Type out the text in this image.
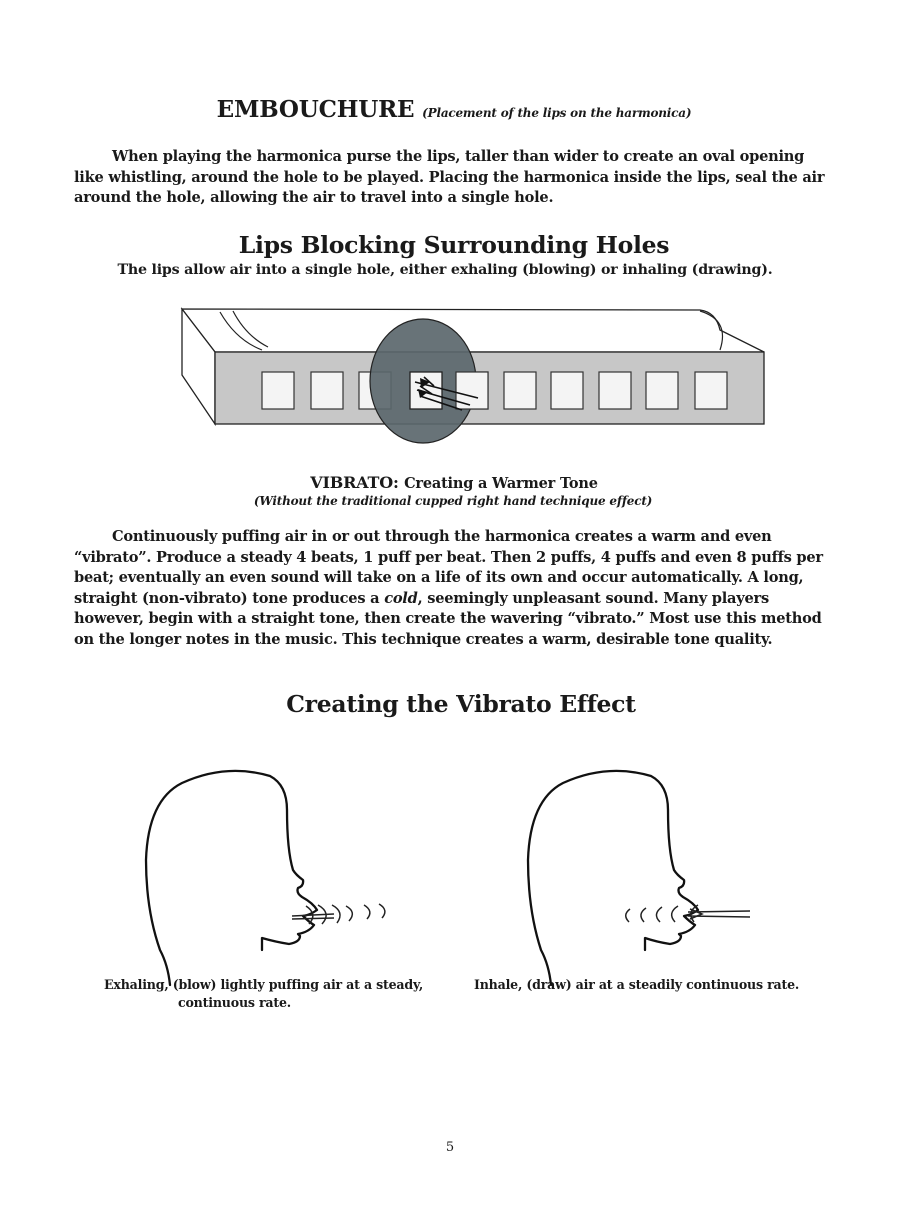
EMBOUCHURE (Placement of the lips on the harmonica)
When playing the harmonica purse the lips, taller than wider to create an oval opening like whistling, around the hole to be played. Placing the harmonica inside the lips, seal the air around the hole, allowing the air to travel into a single hole.
Lips Blocking Surrounding Holes
The lips allow air into a single hole, either exhaling (blowing) or inhaling (drawing).
VIBRATO: Creating a Warmer Tone
(Without the traditional cupped right hand technique effect)
Continuously puffing air in or out through the harmonica creates a warm and even “vibrato”. Produce a steady 4 beats, 1 puff per beat. Then 2 puffs, 4 puffs and even 8 puffs per beat; eventually an even sound will take on a life of its own and occur automatically. A long, straight (non-vibrato) tone produces a cold, seemingly unpleasant sound. Many players however, begin with a straight tone, then create the wavering “vibrato.” Most use this method on the longer notes in the music. This technique creates a warm, desirable tone quality.
Creating the Vibrato Effect
Exhaling, (blow) lightly puffing air at a steady,
continuous rate.
Inhale, (draw) air at a steadily continuous rate.
5
